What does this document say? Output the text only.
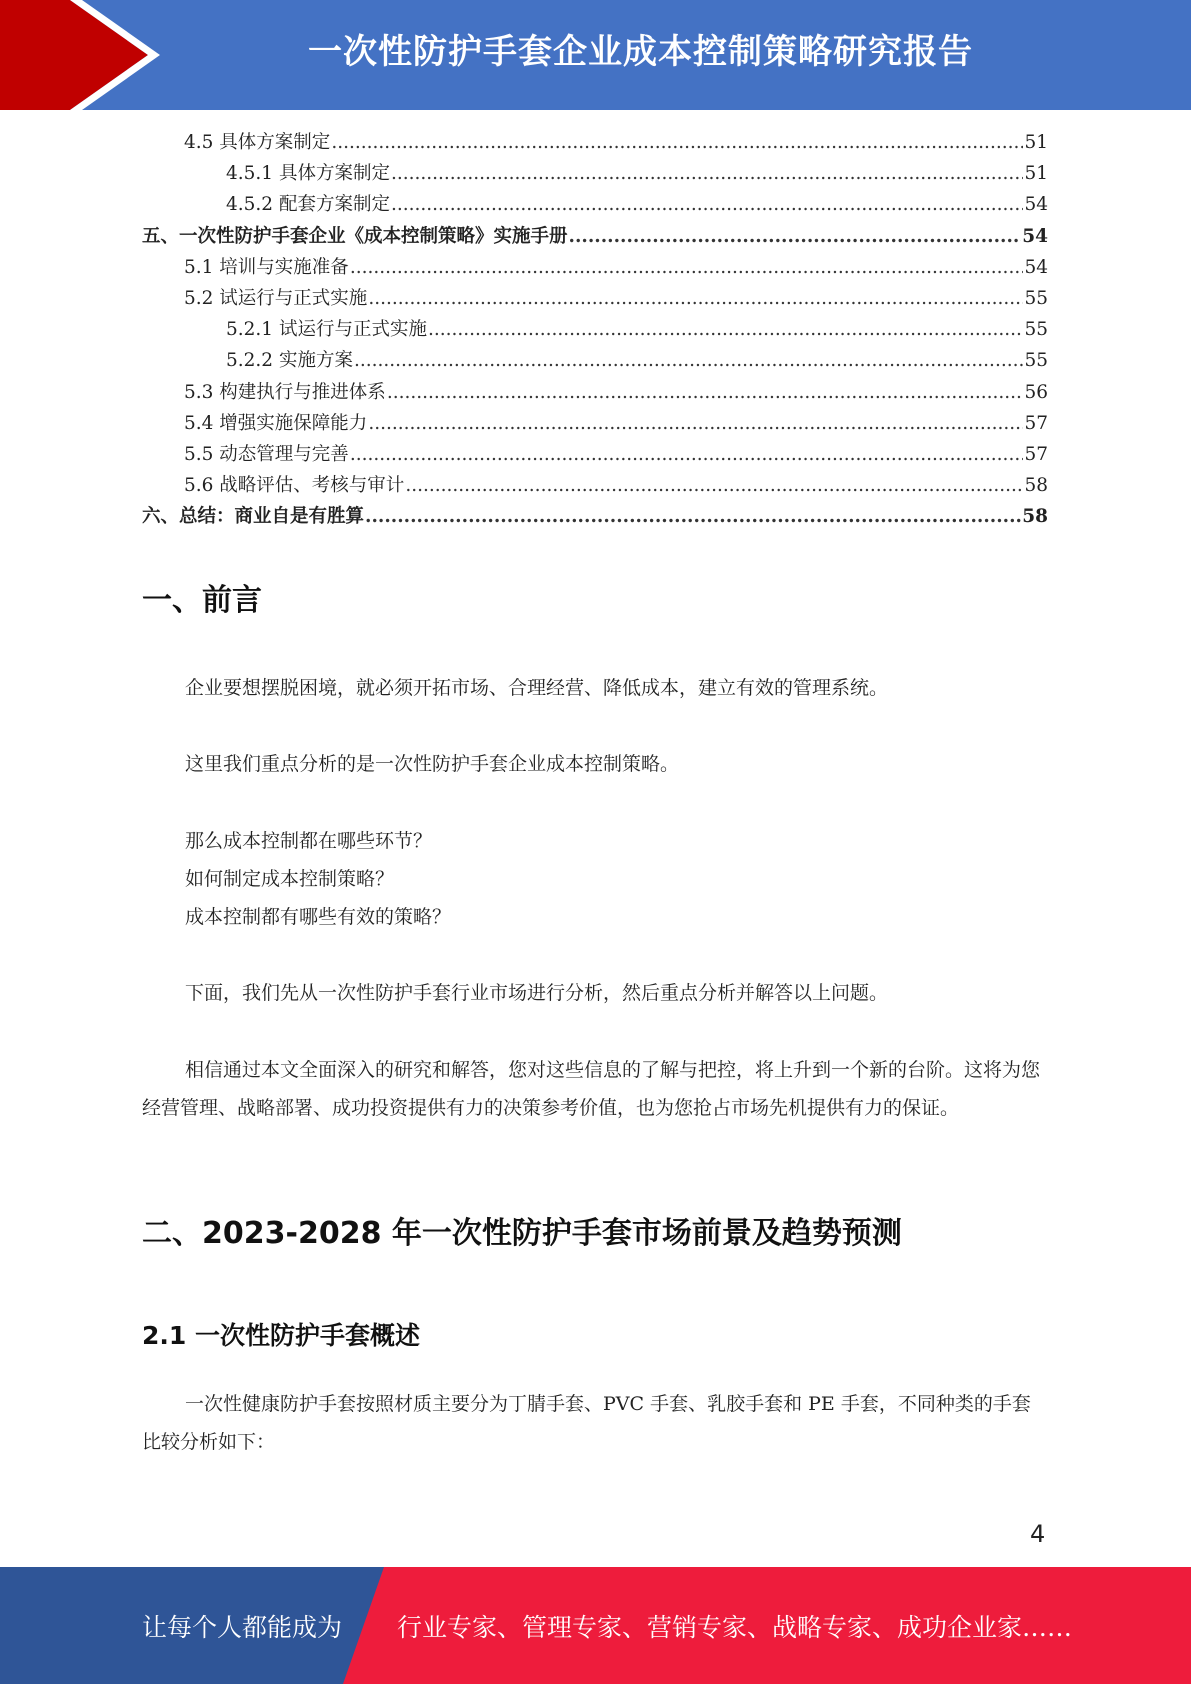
一次性防护手套企业成本控制策略研究报告
4.5 具体方案制定 .....	51
4.5.1 具体方案制定 .....	51
4.5.2 配套方案制定 .....	54
五、一次性防护手套企业《成本控制策略》实施手册 .....	54
5.1 培训与实施准备 .....	54
5.2 试运行与正式实施 .....	55
5.2.1 试运行与正式实施 .....	55
5.2.2 实施方案 .....	55
5.3 构建执行与推进体系 .....	56
5.4 增强实施保障能力 .....	57
5.5 动态管理与完善 .....	57
5.6 战略评估、考核与审计 .....	58
六、总结：商业自是有胜算 .....	58
一、前言
企业要想摆脱困境，就必须开拓市场、合理经营、降低成本，建立有效的管理系统。
这里我们重点分析的是一次性防护手套企业成本控制策略。
那么成本控制都在哪些环节？
如何制定成本控制策略？
成本控制都有哪些有效的策略？
下面，我们先从一次性防护手套行业市场进行分析，然后重点分析并解答以上问题。
相信通过本文全面深入的研究和解答，您对这些信息的了解与把控，将上升到一个新的台阶。这将为您经营管理、战略部署、成功投资提供有力的决策参考价值，也为您抢占市场先机提供有力的保证。
二、2023-2028 年一次性防护手套市场前景及趋势预测
2.1 一次性防护手套概述
一次性健康防护手套按照材质主要分为丁腈手套、PVC 手套、乳胶手套和 PE 手套，不同种类的手套比较分析如下：
4
让每个人都能成为 行业专家、管理专家、营销专家、战略专家、成功企业家……
